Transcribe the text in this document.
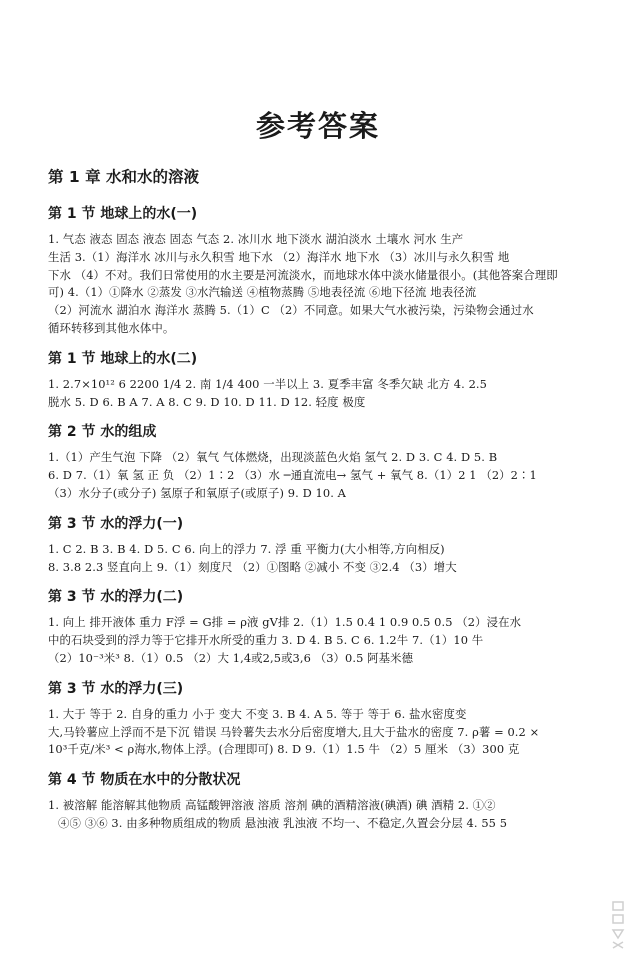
参考答案
第 1 章 水和水的溶液
第 1 节 地球上的水(一)
1. 气态 液态 固态 液态 固态 气态 2. 冰川水 地下淡水 湖泊淡水 土壤水 河水 生产
生活 3.（1）海洋水 冰川与永久积雪 地下水 （2）海洋水 地下水 （3）冰川与永久积雪 地
下水 （4）不对。我们日常使用的水主要是河流淡水，而地球水体中淡水储量很小。(其他答案合理即
可) 4.（1）①降水 ②蒸发 ③水汽输送 ④植物蒸腾 ⑤地表径流 ⑥地下径流 地表径流
（2）河流水 湖泊水 海洋水 蒸腾 5.（1）C （2）不同意。如果大气水被污染，污染物会通过水
循环转移到其他水体中。
第 1 节 地球上的水(二)
1. 2.7×10¹² 6 2200 1/4 2. 南 1/4 400 一半以上 3. 夏季丰富 冬季欠缺 北方 4. 2.5
脱水 5. D 6. B A 7. A 8. C 9. D 10. D 11. D 12. 轻度 极度
第 2 节 水的组成
1.（1）产生气泡 下降 （2）氧气 气体燃烧，出现淡蓝色火焰 氢气 2. D 3. C 4. D 5. B
6. D 7.（1）氧 氢 正 负 （2）1∶2 （3）水 ─通直流电→ 氢气 + 氧气 8.（1）2 1 （2）2∶1
（3）水分子(或分子) 氢原子和氧原子(或原子) 9. D 10. A
第 3 节 水的浮力(一)
1. C 2. B 3. B 4. D 5. C 6. 向上的浮力 7. 浮 重 平衡力(大小相等,方向相反)
8. 3.8 2.3 竖直向上 9.（1）刻度尺 （2）①图略 ②减小 不变 ③2.4 （3）增大
第 3 节 水的浮力(二)
1. 向上 排开液体 重力 F浮 = G排 = ρ液 gV排 2.（1）1.5 0.4 1 0.9 0.5 0.5 （2）浸在水
中的石块受到的浮力等于它排开水所受的重力 3. D 4. B 5. C 6. 1.2牛 7.（1）10 牛
（2）10⁻³米³ 8.（1）0.5 （2）大 1,4或2,5或3,6 （3）0.5 阿基米德
第 3 节 水的浮力(三)
1. 大于 等于 2. 自身的重力 小于 变大 不变 3. B 4. A 5. 等于 等于 6. 盐水密度变
大,马铃薯应上浮而不是下沉 错误 马铃薯失去水分后密度增大,且大于盐水的密度 7. ρ薯 = 0.2 ×
10³千克/米³ < ρ海水,物体上浮。(合理即可) 8. D 9.（1）1.5 牛 （2）5 厘米 （3）300 克
第 4 节 物质在水中的分散状况
1. 被溶解 能溶解其他物质 高锰酸钾溶液 溶质 溶剂 碘的酒精溶液(碘酒) 碘 酒精 2. ①②
④⑤ ③⑥ 3. 由多种物质组成的物质 悬浊液 乳浊液 不均一、不稳定,久置会分层 4. 55 5
